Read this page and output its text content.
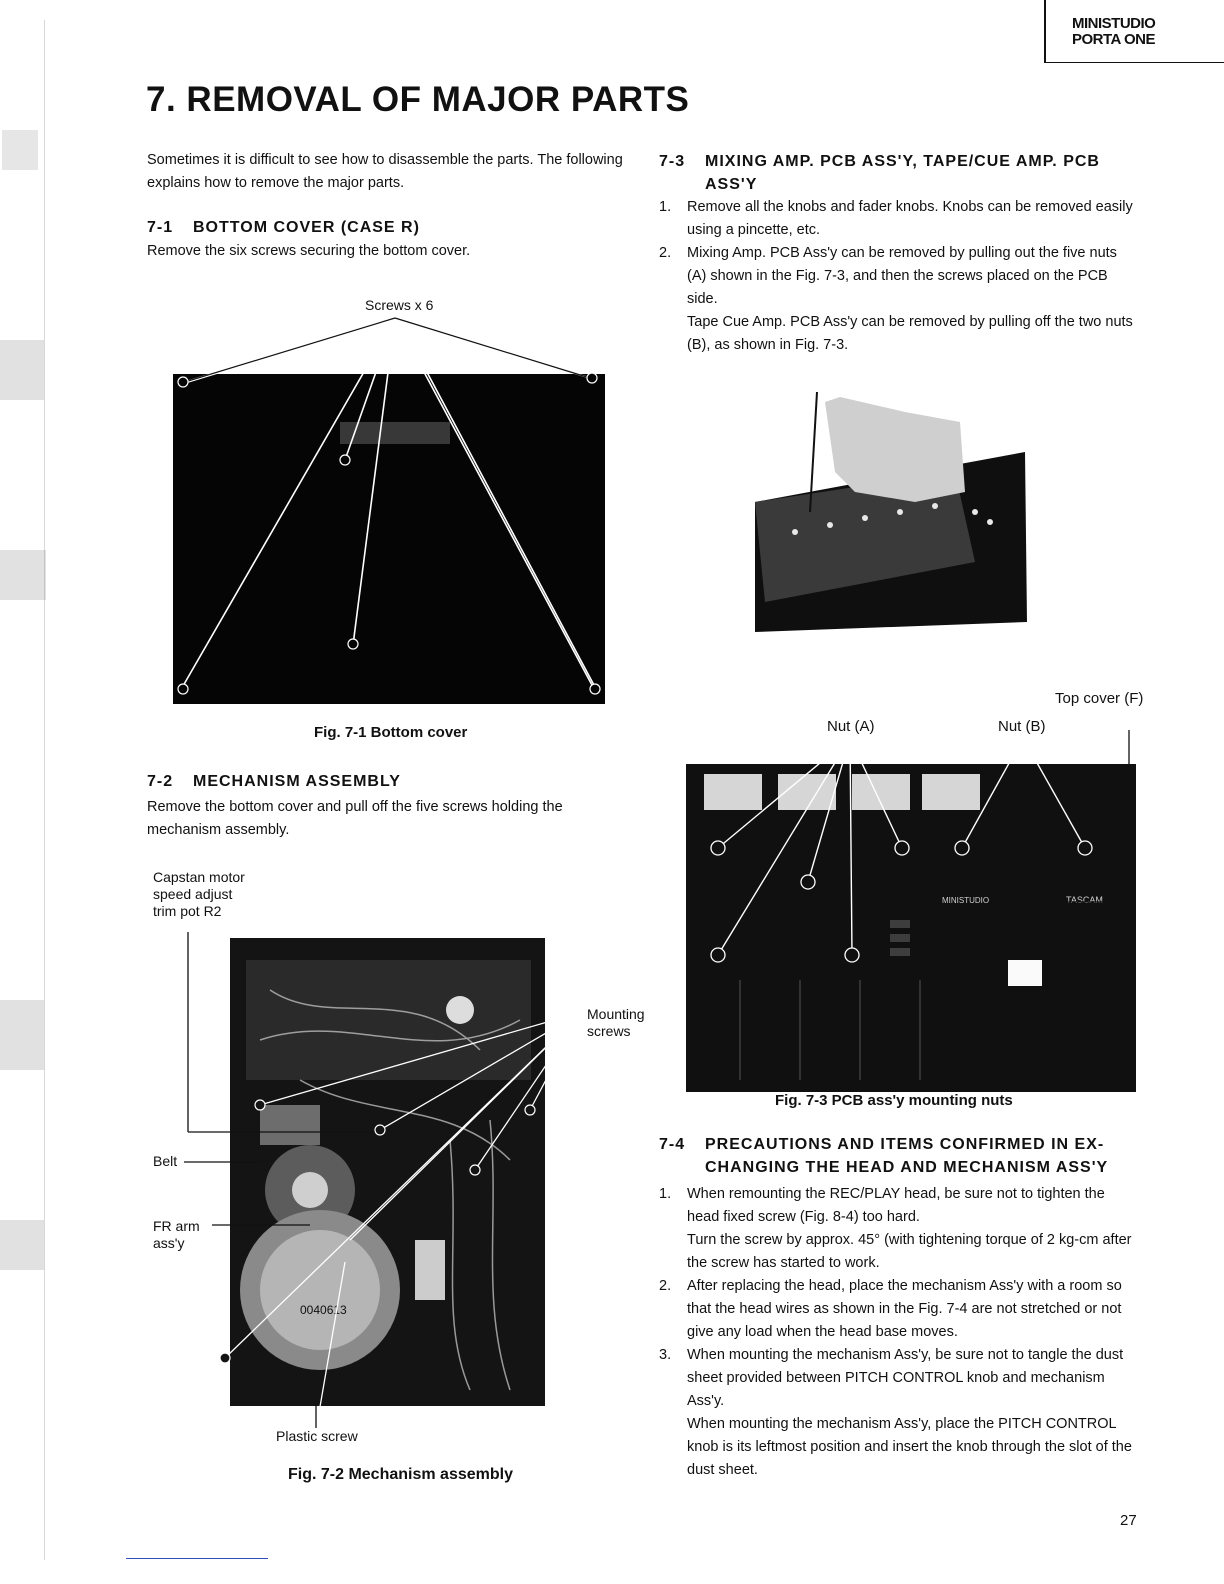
MINISTUDIO
PORTA ONE
7. REMOVAL OF MAJOR PARTS
Sometimes it is difficult to see how to disassemble the parts. The following explains how to remove the major parts.
7-1 BOTTOM COVER (CASE R)
Remove the six screws securing the bottom cover.
Screws x 6
Fig. 7-1 Bottom cover
7-2 MECHANISM ASSEMBLY
Remove the bottom cover and pull off the five screws holding the mechanism assembly.
Capstan motor
speed adjust
trim pot R2
Mounting
screws
Belt
FR arm
ass'y
Plastic screw
0040613
Fig. 7-2 Mechanism assembly
7-3 MIXING AMP. PCB ASS'Y, TAPE/CUE AMP. PCB
ASS'Y
1. Remove all the knobs and fader knobs. Knobs can be removed easily using a pincette, etc.
2. Mixing Amp. PCB Ass'y can be removed by pulling out the five nuts (A) shown in the Fig. 7-3, and then the screws placed on the PCB side.
Tape Cue Amp. PCB Ass'y can be removed by pulling off the two nuts (B), as shown in Fig. 7-3.
Top cover (F)
Nut (A)	Nut (B)
MINISTUDIO	TASCAM
Fig. 7-3 PCB ass'y mounting nuts
7-4 PRECAUTIONS AND ITEMS CONFIRMED IN EX-
CHANGING THE HEAD AND MECHANISM ASS'Y
1. When remounting the REC/PLAY head, be sure not to tighten the head fixed screw (Fig. 8-4) too hard.
Turn the screw by approx. 45° (with tightening torque of 2 kg-cm after the screw has started to work.
2. After replacing the head, place the mechanism Ass'y with a room so that the head wires as shown in the Fig. 7-4 are not stretched or not give any load when the head base moves.
3. When mounting the mechanism Ass'y, be sure not to tangle the dust sheet provided between PITCH CONTROL knob and mechanism Ass'y.
When mounting the mechanism Ass'y, place the PITCH CONTROL knob is its leftmost position and insert the knob through the slot of the dust sheet.
27
